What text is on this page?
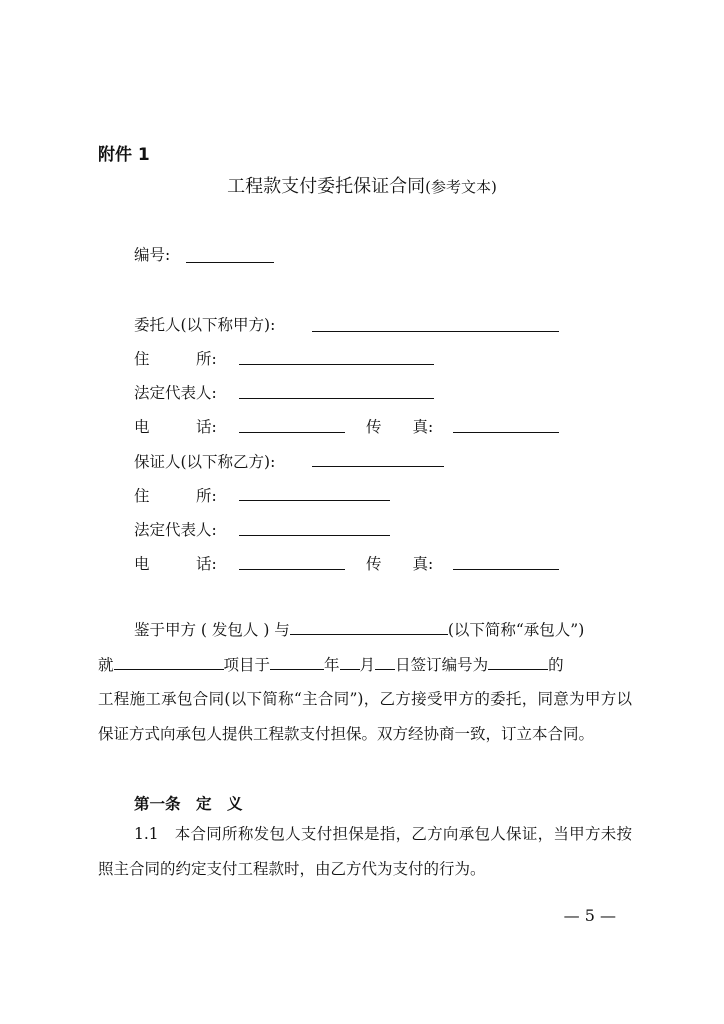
附件 1
工程款支付委托保证合同(参考文本)
编号:
委托人(以下称甲方):
住　　　所:
法定代表人:
电　　　话:	传　　真:
保证人(以下称乙方):
住　　　所:
法定代表人:
电　　　话:	传　　真:
鉴于甲方 ( 发包人 ) 与	(以下简称“承包人”)
就	项目于	年 月 日签订编号为	的
工程施工承包合同(以下简称“主合同”)，乙方接受甲方的委托，同意为甲方以保证方式向承包人提供工程款支付担保。双方经协商一致，订立本合同。
第一条　定　义
1.1　本合同所称发包人支付担保是指，乙方向承包人保证，当甲方未按照主合同的约定支付工程款时，由乙方代为支付的行为。
— 5 —
